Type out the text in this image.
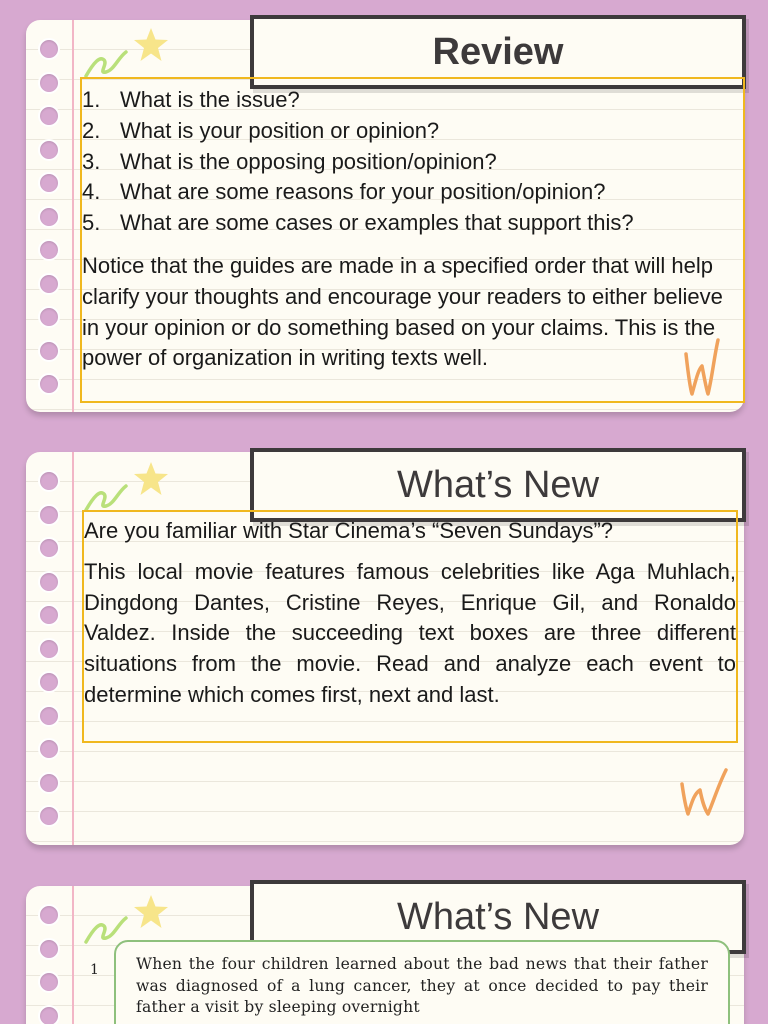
Review
1. What is the issue?
2. What is your position or opinion?
3. What is the opposing position/opinion?
4. What are some reasons for your position/opinion?
5. What are some cases or examples that support this?

Notice that the guides are made in a specified order that will help clarify your thoughts and encourage your readers to either believe in your opinion or do something based on your claims. This is the power of organization in writing texts well.

What’s New

Are you familiar with Star Cinema’s “Seven Sundays”?

This local movie features famous celebrities like Aga Muhlach, Dingdong Dantes, Cristine Reyes, Enrique Gil, and Ronaldo Valdez. Inside the succeeding text boxes are three different situations from the movie. Read and analyze each event to determine which comes first, next and last.

What’s New
1 When the four children learned about the bad news that their father was diagnosed of a lung cancer, they at once decided to pay their father a visit by sleeping overnight
